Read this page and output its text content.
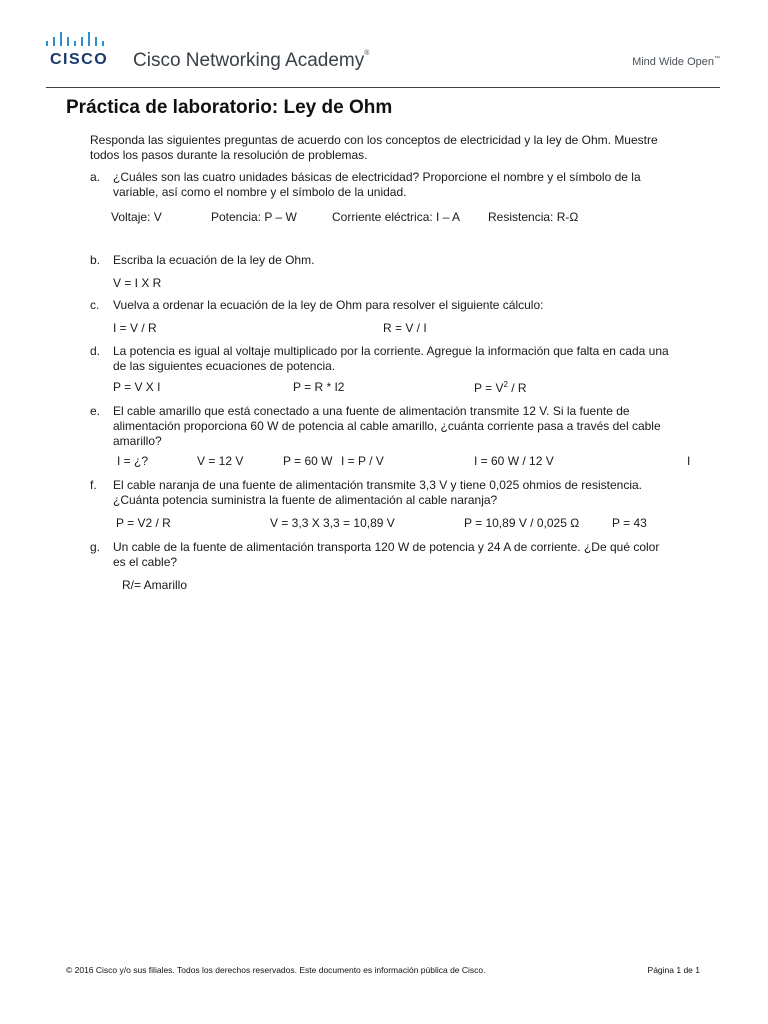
CISCO Cisco Networking Academy®
Mind Wide Open™
Práctica de laboratorio: Ley de Ohm
Responda las siguientes preguntas de acuerdo con los conceptos de electricidad y la ley de Ohm. Muestre
todos los pasos durante la resolución de problemas.
a. ¿Cuáles son las cuatro unidades básicas de electricidad? Proporcione el nombre y el símbolo de la
variable, así como el nombre y el símbolo de la unidad.
Voltaje: V	Potencia: P – W	Corriente eléctrica: I – A Resistencia: R-Ω
b. Escriba la ecuación de la ley de Ohm.
V = I X R
c. Vuelva a ordenar la ecuación de la ley de Ohm para resolver el siguiente cálculo:
I = V / R	R = V / I
d. La potencia es igual al voltaje multiplicado por la corriente. Agregue la información que falta en cada una
de las siguientes ecuaciones de potencia.
P = V X I	P = R * I2	$P = V^2 / R$
e. El cable amarillo que está conectado a una fuente de alimentación transmite 12 V. Si la fuente de
alimentación proporciona 60 W de potencia al cable amarillo, ¿cuánta corriente pasa a través del cable
amarillo?
I = ¿?	V = 12 V	P = 60 W I = P / V	I = 60 W / 12 V	I
f. El cable naranja de una fuente de alimentación transmite 3,3 V y tiene 0,025 ohmios de resistencia.
¿Cuánta potencia suministra la fuente de alimentación al cable naranja?
P = V2 / R	V = 3,3 X 3,3 = 10,89 V	P = 10,89 V / 0,025 Ω	P = 43
g. Un cable de la fuente de alimentación transporta 120 W de potencia y 24 A de corriente. ¿De qué color
es el cable?
R/= Amarillo
© 2016 Cisco y/o sus filiales. Todos los derechos reservados. Este documento es información pública de Cisco.	Página 1 de 1
